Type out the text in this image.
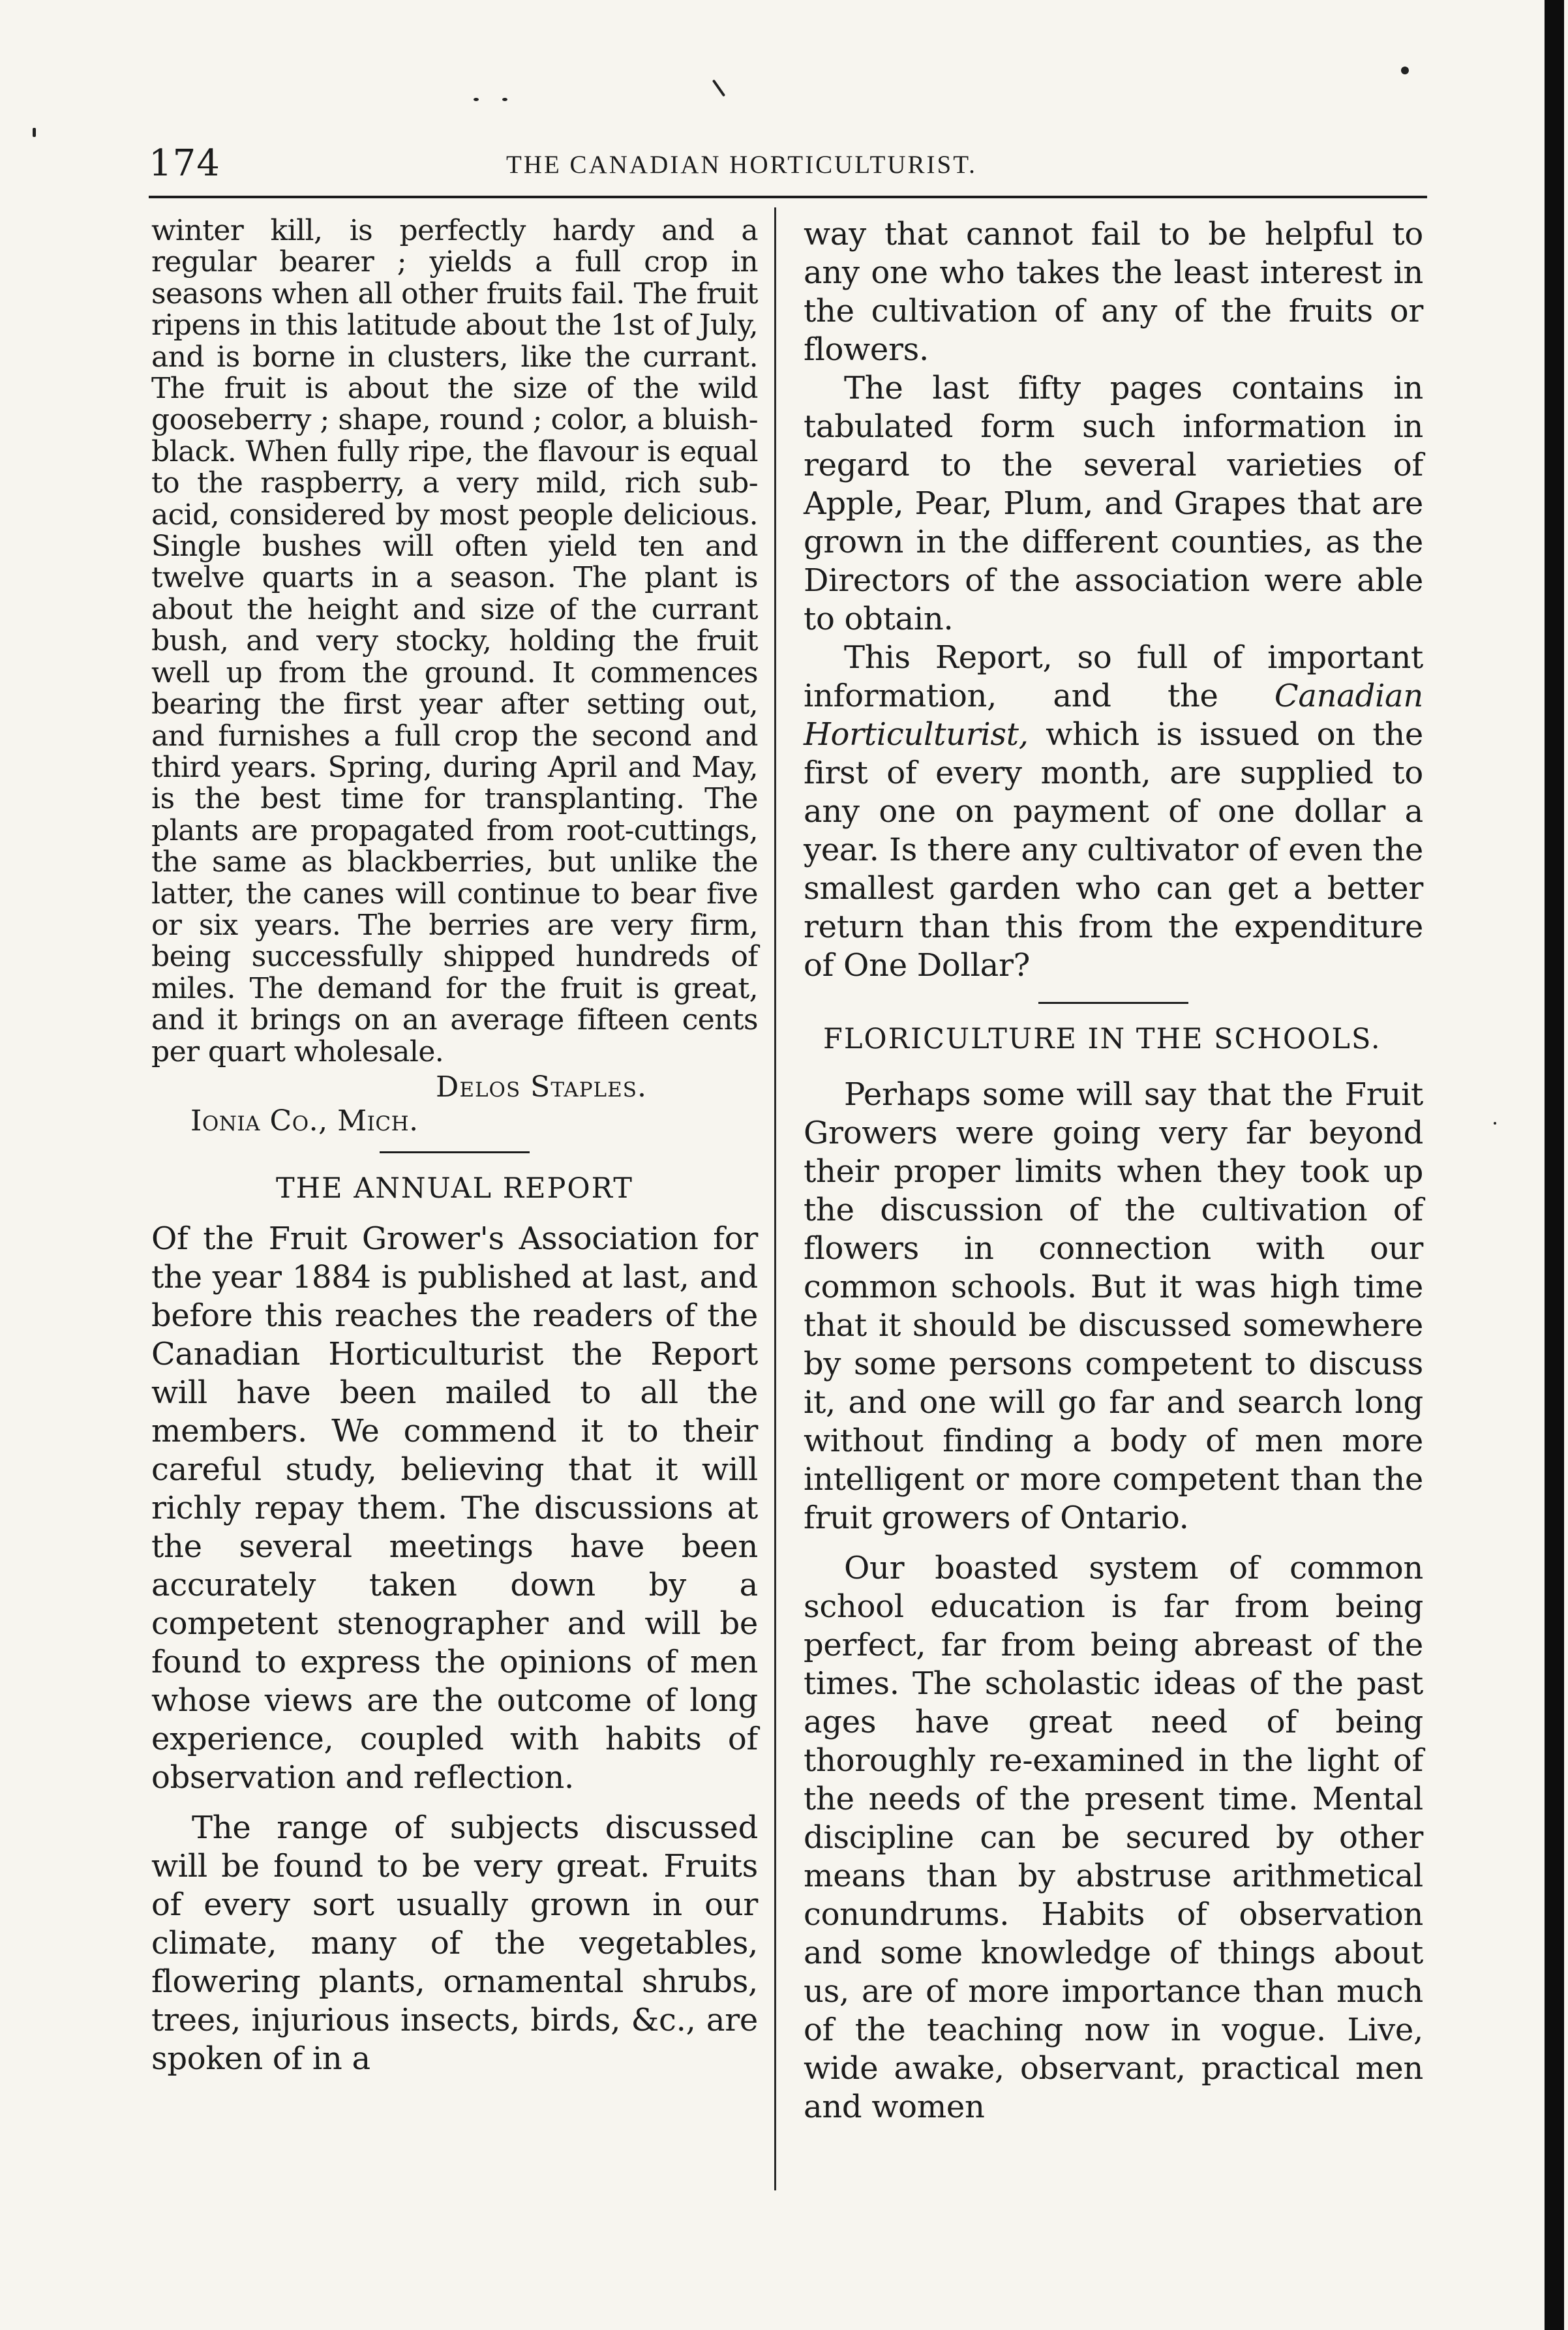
174	THE CANADIAN HORTICULTURIST.

winter kill, is perfectly hardy and a regular bearer ; yields a full crop in seasons when all other fruits fail. The fruit ripens in this latitude about the 1st of July, and is borne in clusters, like the currant. The fruit is about the size of the wild gooseberry ; shape, round ; color, a bluish-black. When fully ripe, the flavour is equal to the raspberry, a very mild, rich sub-acid, considered by most people delicious. Single bushes will often yield ten and twelve quarts in a season. The plant is about the height and size of the currant bush, and very stocky, holding the fruit well up from the ground. It commences bearing the first year after setting out, and furnishes a full crop the second and third years. Spring, during April and May, is the best time for transplanting. The plants are propagated from root-cuttings, the same as blackberries, but unlike the latter, the canes will continue to bear five or six years. The berries are very firm, being successfully shipped hundreds of miles. The demand for the fruit is great, and it brings on an average fifteen cents per quart wholesale.

Delos Staples.
Ionia Co., Mich.
THE ANNUAL REPORT

Of the Fruit Grower's Association for the year 1884 is published at last, and before this reaches the readers of the Canadian Horticulturist the Report will have been mailed to all the members. We commend it to their careful study, believing that it will richly repay them. The discussions at the several meetings have been accurately taken down by a competent stenographer and will be found to express the opinions of men whose views are the outcome of long experience, coupled with habits of observation and reflection.

The range of subjects discussed will be found to be very great. Fruits of every sort usually grown in our climate, many of the vegetables, flowering plants, ornamental shrubs, trees, injurious insects, birds, &c., are spoken of in a

way that cannot fail to be helpful to any one who takes the least interest in the cultivation of any of the fruits or flowers.

The last fifty pages contains in tabulated form such information in regard to the several varieties of Apple, Pear, Plum, and Grapes that are grown in the different counties, as the Directors of the association were able to obtain.

This Report, so full of important information, and the Canadian Horticulturist, which is issued on the first of every month, are supplied to any one on payment of one dollar a year. Is there any cultivator of even the smallest garden who can get a better return than this from the expenditure of One Dollar?

FLORICULTURE IN THE SCHOOLS.

Perhaps some will say that the Fruit Growers were going very far beyond their proper limits when they took up the discussion of the cultivation of flowers in connection with our common schools. But it was high time that it should be discussed somewhere by some persons competent to discuss it, and one will go far and search long without finding a body of men more intelligent or more competent than the fruit growers of Ontario.

Our boasted system of common school education is far from being perfect, far from being abreast of the times. The scholastic ideas of the past ages have great need of being thoroughly re-examined in the light of the needs of the present time. Mental discipline can be secured by other means than by abstruse arithmetical conundrums. Habits of observation and some knowledge of things about us, are of more importance than much of the teaching now in vogue. Live, wide awake, observant, practical men and women
